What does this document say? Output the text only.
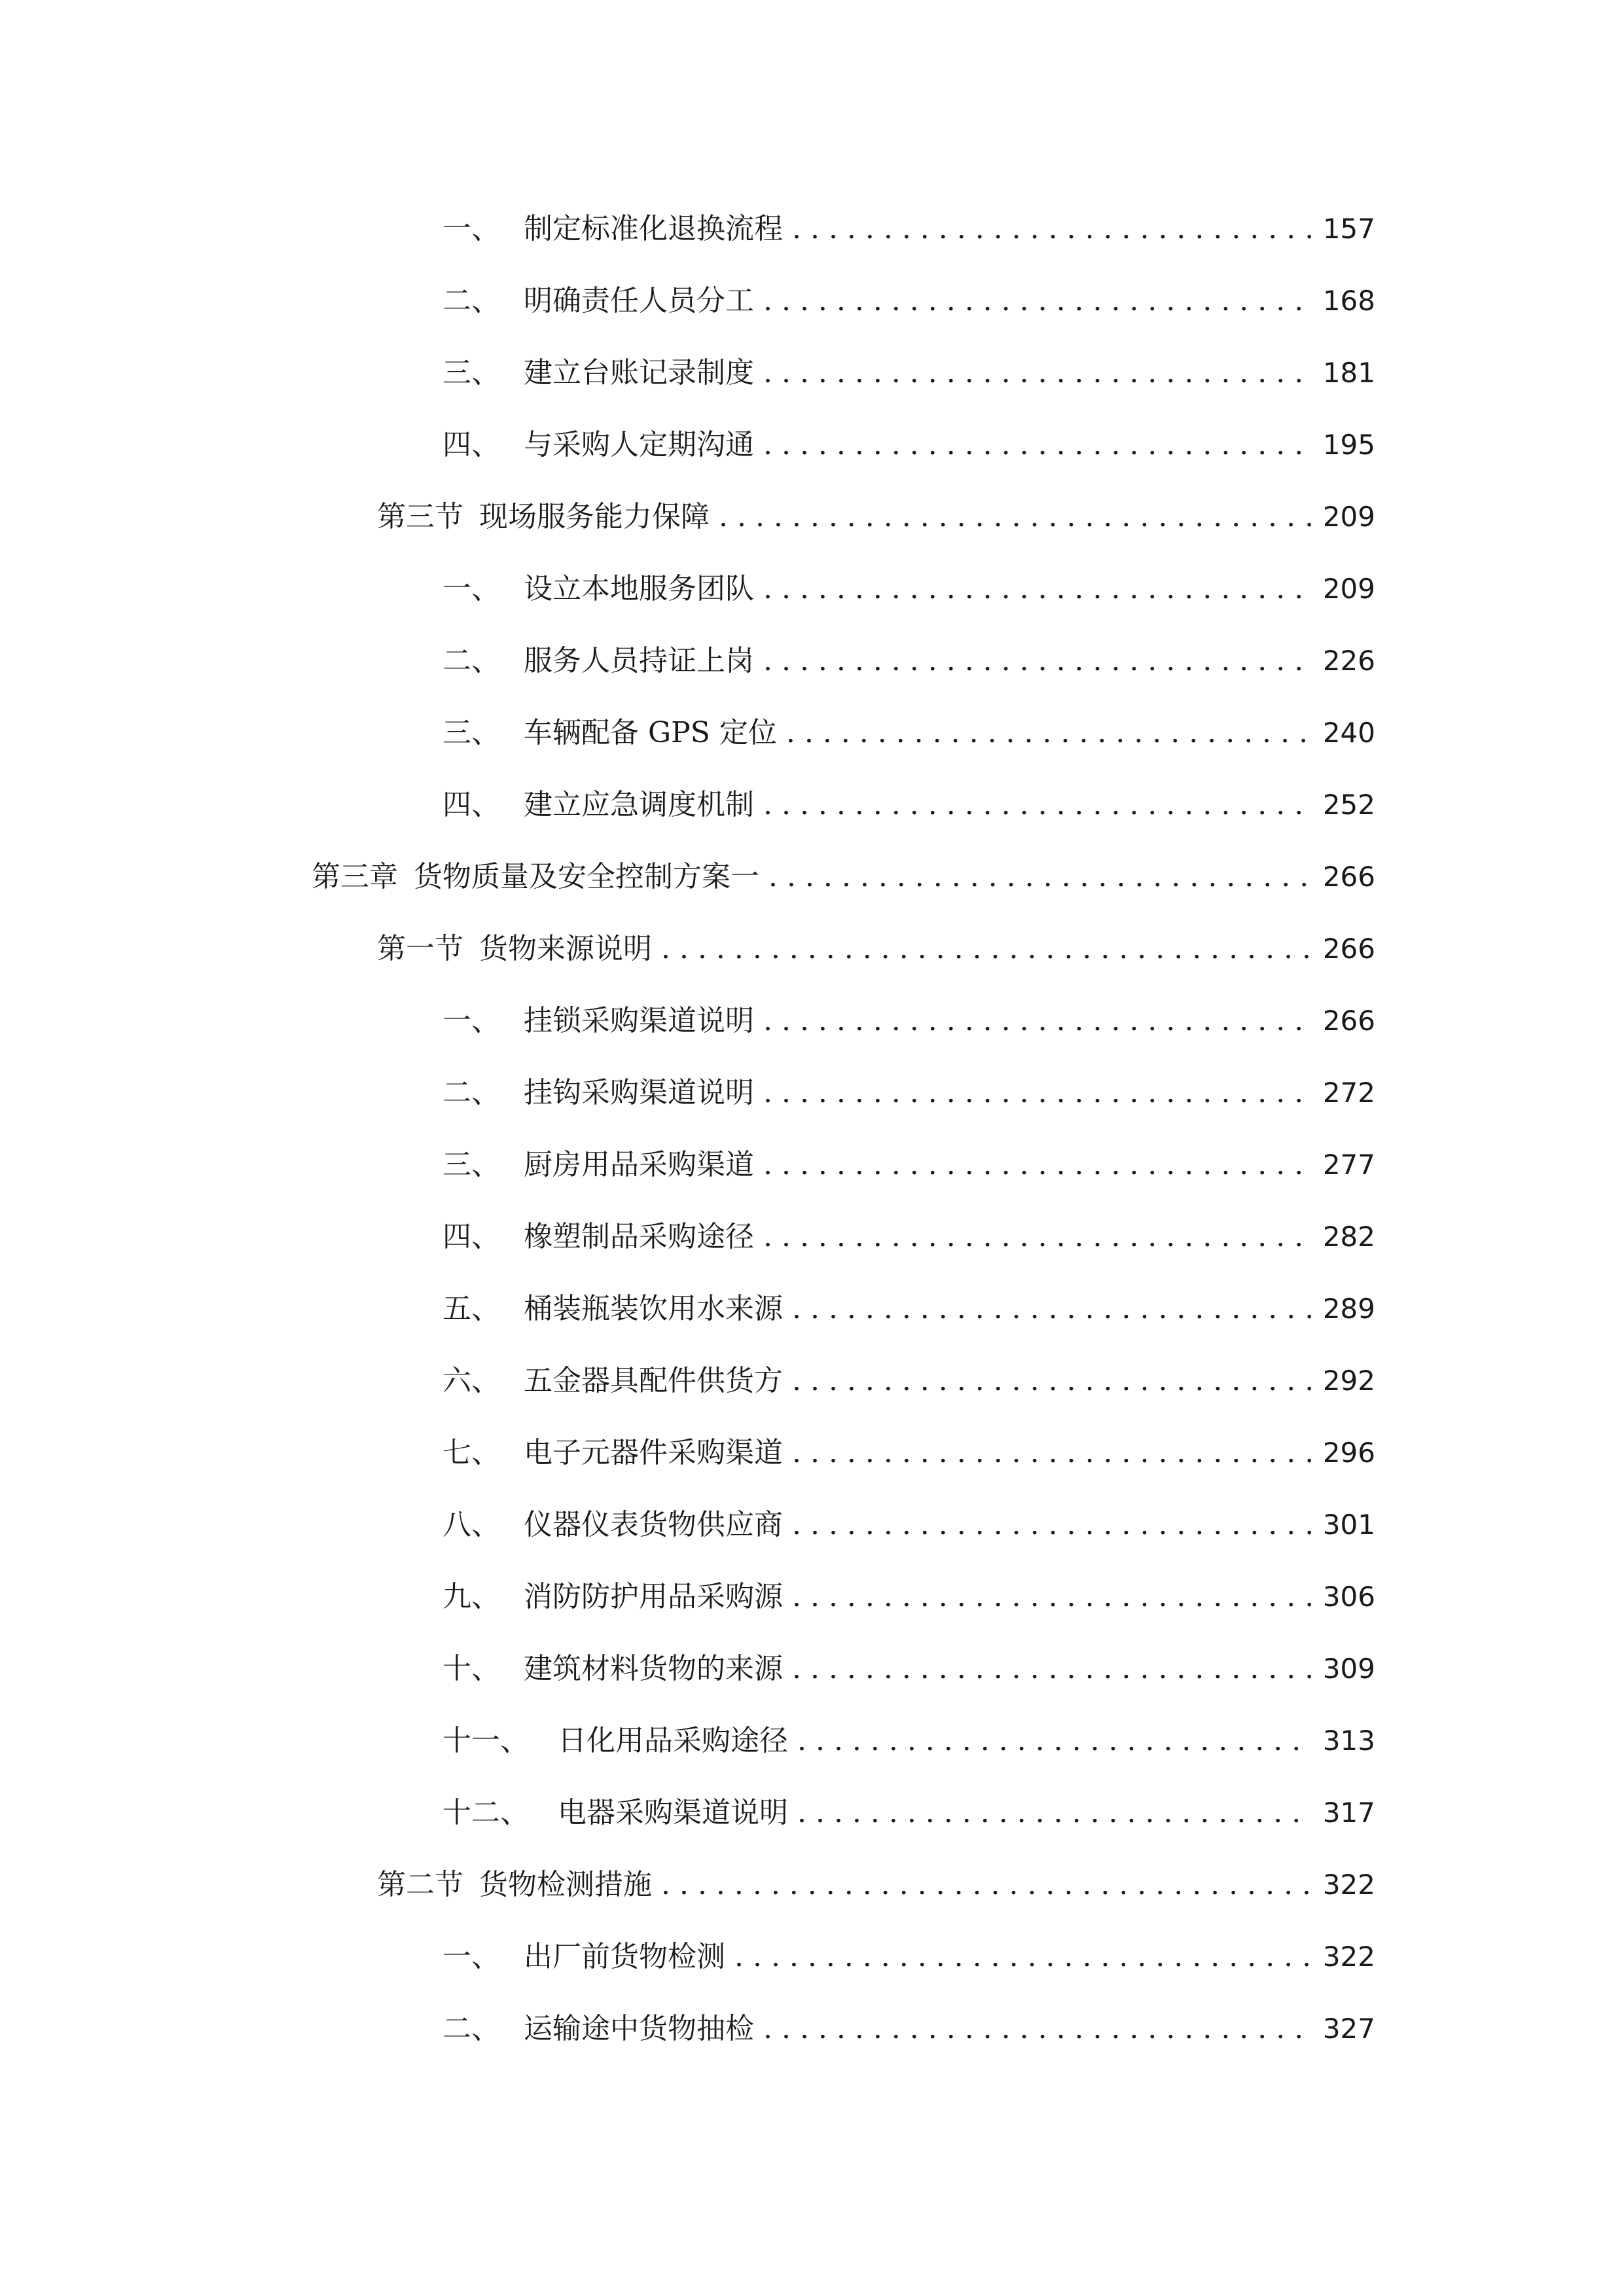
一、 制定标准化退换流程 . . .	157
二、 明确责任人员分工 . . .	168
三、 建立台账记录制度 . . .	181
四、 与采购人定期沟通 . . .	195
第三节 现场服务能力保障 . . .	209
一、 设立本地服务团队 . . .	209
二、 服务人员持证上岗 . . .	226
三、 车辆配备 GPS 定位 . . .	240
四、 建立应急调度机制 . . .	252
第三章 货物质量及安全控制方案一 . . .	266
第一节 货物来源说明 . . .	266
一、 挂锁采购渠道说明 . . .	266
二、 挂钩采购渠道说明 . . .	272
三、 厨房用品采购渠道 . . .	277
四、 橡塑制品采购途径 . . .	282
五、 桶装瓶装饮用水来源 . . .	289
六、 五金器具配件供货方 . . .	292
七、 电子元器件采购渠道 . . .	296
八、 仪器仪表货物供应商 . . .	301
九、 消防防护用品采购源 . . .	306
十、 建筑材料货物的来源 . . .	309
十一、	日化用品采购途径 . . .	313
十二、	电器采购渠道说明 . . .	317
第二节 货物检测措施 . . .	322
一、 出厂前货物检测 . . .	322
二、 运输途中货物抽检 . . .	327
